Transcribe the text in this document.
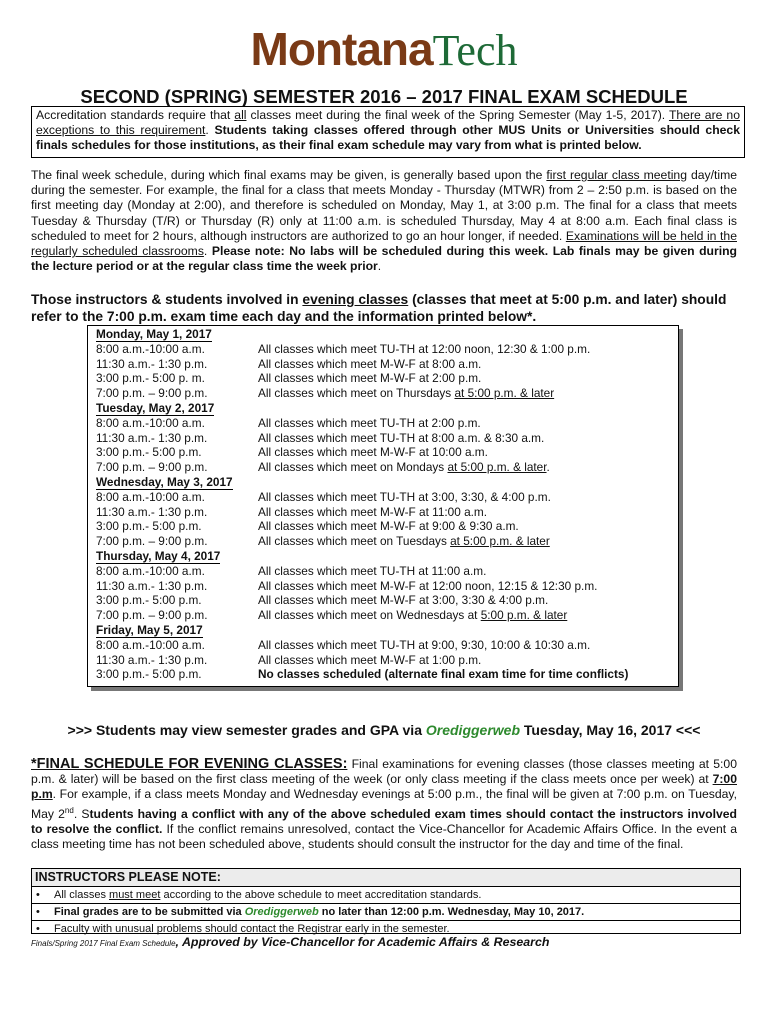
MontanaTech
SECOND (SPRING) SEMESTER 2016 – 2017 FINAL EXAM SCHEDULE
Accreditation standards require that all classes meet during the final week of the Spring Semester (May 1-5, 2017). There are no exceptions to this requirement. Students taking classes offered through other MUS Units or Universities should check finals schedules for those institutions, as their final exam schedule may vary from what is printed below.
The final week schedule, during which final exams may be given, is generally based upon the first regular class meeting day/time during the semester. For example, the final for a class that meets Monday - Thursday (MTWR) from 2 – 2:50 p.m. is based on the first meeting day (Monday at 2:00), and therefore is scheduled on Monday, May 1, at 3:00 p.m. The final for a class that meets Tuesday & Thursday (T/R) or Thursday (R) only at 11:00 a.m. is scheduled Thursday, May 4 at 8:00 a.m. Each final class is scheduled to meet for 2 hours, although instructors are authorized to go an hour longer, if needed. Examinations will be held in the regularly scheduled classrooms. Please note: No labs will be scheduled during this week. Lab finals may be given during the lecture period or at the regular class time the week prior.
Those instructors & students involved in evening classes (classes that meet at 5:00 p.m. and later) should refer to the 7:00 p.m. exam time each day and the information printed below*.
Monday, May 1, 2017
8:00 a.m.-10:00 a.m.	All classes which meet TU-TH at 12:00 noon, 12:30 & 1:00 p.m.
11:30 a.m.- 1:30 p.m.	All classes which meet M-W-F at 8:00 a.m.
3:00 p.m.- 5:00 p. m.	All classes which meet M-W-F at 2:00 p.m.
7:00 p.m. – 9:00 p.m.	All classes which meet on Thursdays at 5:00 p.m. & later
Tuesday, May 2, 2017
8:00 a.m.-10:00 a.m.	All classes which meet TU-TH at 2:00 p.m.
11:30 a.m.- 1:30 p.m.	All classes which meet TU-TH at 8:00 a.m. & 8:30 a.m.
3:00 p.m.- 5:00 p.m.	All classes which meet M-W-F at 10:00 a.m.
7:00 p.m. – 9:00 p.m.	All classes which meet on Mondays at 5:00 p.m. & later.
Wednesday, May 3, 2017
8:00 a.m.-10:00 a.m.	All classes which meet TU-TH at 3:00, 3:30, & 4:00 p.m.
11:30 a.m.- 1:30 p.m.	All classes which meet M-W-F at 11:00 a.m.
3:00 p.m.- 5:00 p.m.	All classes which meet M-W-F at 9:00 & 9:30 a.m.
7:00 p.m. – 9:00 p.m.	All classes which meet on Tuesdays at 5:00 p.m. & later
Thursday, May 4, 2017
8:00 a.m.-10:00 a.m.	All classes which meet TU-TH at 11:00 a.m.
11:30 a.m.- 1:30 p.m.	All classes which meet M-W-F at 12:00 noon, 12:15 & 12:30 p.m.
3:00 p.m.- 5:00 p.m.	All classes which meet M-W-F at 3:00, 3:30 & 4:00 p.m.
7:00 p.m. – 9:00 p.m.	All classes which meet on Wednesdays at 5:00 p.m. & later
Friday, May 5, 2017
8:00 a.m.-10:00 a.m.	All classes which meet TU-TH at 9:00, 9:30, 10:00 & 10:30 a.m.
11:30 a.m.- 1:30 p.m.	All classes which meet M-W-F at 1:00 p.m.
3:00 p.m.- 5:00 p.m.	No classes scheduled (alternate final exam time for time conflicts)
>>> Students may view semester grades and GPA via Orediggerweb Tuesday, May 16, 2017 <<<
*FINAL SCHEDULE FOR EVENING CLASSES: Final examinations for evening classes (those classes meeting at 5:00 p.m. & later) will be based on the first class meeting of the week (or only class meeting if the class meets once per week) at 7:00 p.m. For example, if a class meets Monday and Wednesday evenings at 5:00 p.m., the final will be given at 7:00 p.m. on Tuesday, May 2nd. Students having a conflict with any of the above scheduled exam times should contact the instructors involved to resolve the conflict. If the conflict remains unresolved, contact the Vice-Chancellor for Academic Affairs Office. In the event a class meeting time has not been scheduled above, students should consult the instructor for the day and time of the final.
INSTRUCTORS PLEASE NOTE:
• All classes must meet according to the above schedule to meet accreditation standards.
• Final grades are to be submitted via Orediggerweb no later than 12:00 p.m. Wednesday, May 10, 2017.
• Faculty with unusual problems should contact the Registrar early in the semester.
Finals/Spring 2017 Final Exam Schedule, Approved by Vice-Chancellor for Academic Affairs & Research
